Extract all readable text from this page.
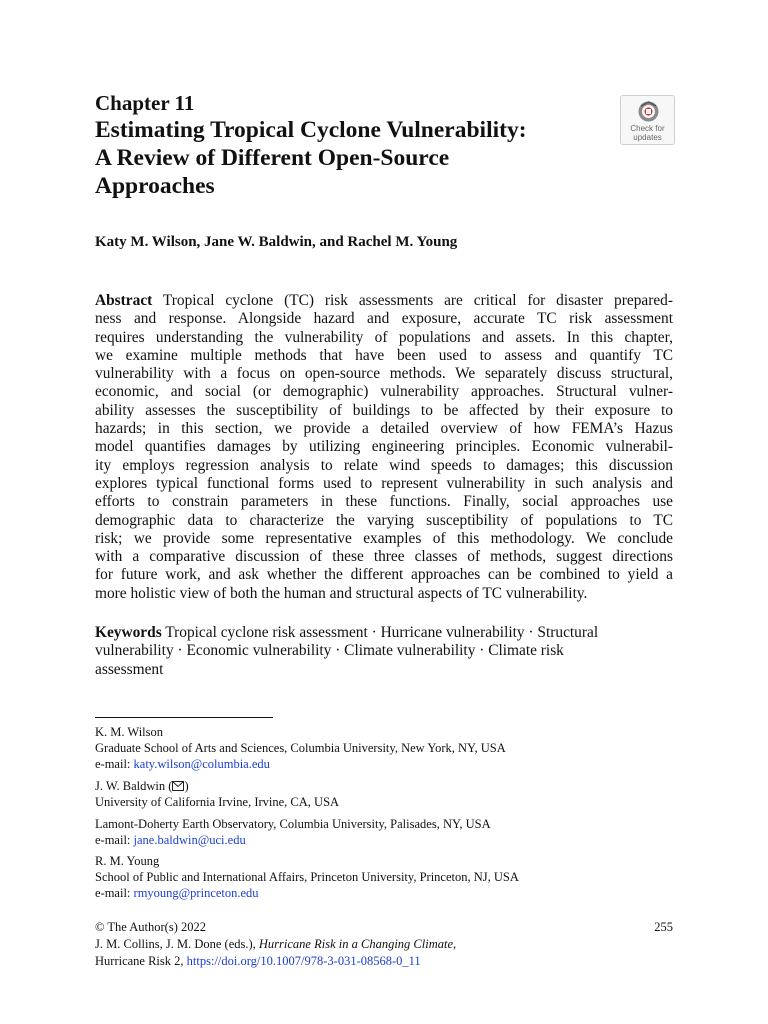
Chapter 11
Estimating Tropical Cyclone Vulnerability:
A Review of Different Open-Source
Approaches
Check for
updates
Katy M. Wilson, Jane W. Baldwin, and Rachel M. Young
Abstract Tropical cyclone (TC) risk assessments are critical for disaster prepared-
ness and response. Alongside hazard and exposure, accurate TC risk assessment
requires understanding the vulnerability of populations and assets. In this chapter,
we examine multiple methods that have been used to assess and quantify TC
vulnerability with a focus on open-source methods. We separately discuss structural,
economic, and social (or demographic) vulnerability approaches. Structural vulner-
ability assesses the susceptibility of buildings to be affected by their exposure to
hazards; in this section, we provide a detailed overview of how FEMA’s Hazus
model quantifies damages by utilizing engineering principles. Economic vulnerabil-
ity employs regression analysis to relate wind speeds to damages; this discussion
explores typical functional forms used to represent vulnerability in such analysis and
efforts to constrain parameters in these functions. Finally, social approaches use
demographic data to characterize the varying susceptibility of populations to TC
risk; we provide some representative examples of this methodology. We conclude
with a comparative discussion of these three classes of methods, suggest directions
for future work, and ask whether the different approaches can be combined to yield a
more holistic view of both the human and structural aspects of TC vulnerability.
Keywords Tropical cyclone risk assessment · Hurricane vulnerability · Structural
vulnerability · Economic vulnerability · Climate vulnerability · Climate risk
assessment
K. M. Wilson
Graduate School of Arts and Sciences, Columbia University, New York, NY, USA
e-mail: katy.wilson@columbia.edu
J. W. Baldwin ( )
University of California Irvine, Irvine, CA, USA
Lamont-Doherty Earth Observatory, Columbia University, Palisades, NY, USA
e-mail: jane.baldwin@uci.edu
R. M. Young
School of Public and International Affairs, Princeton University, Princeton, NJ, USA
e-mail: rmyoung@princeton.edu
© The Author(s) 2022
J. M. Collins, J. M. Done (eds.), Hurricane Risk in a Changing Climate,
Hurricane Risk 2, https://doi.org/10.1007/978-3-031-08568-0_11
255
